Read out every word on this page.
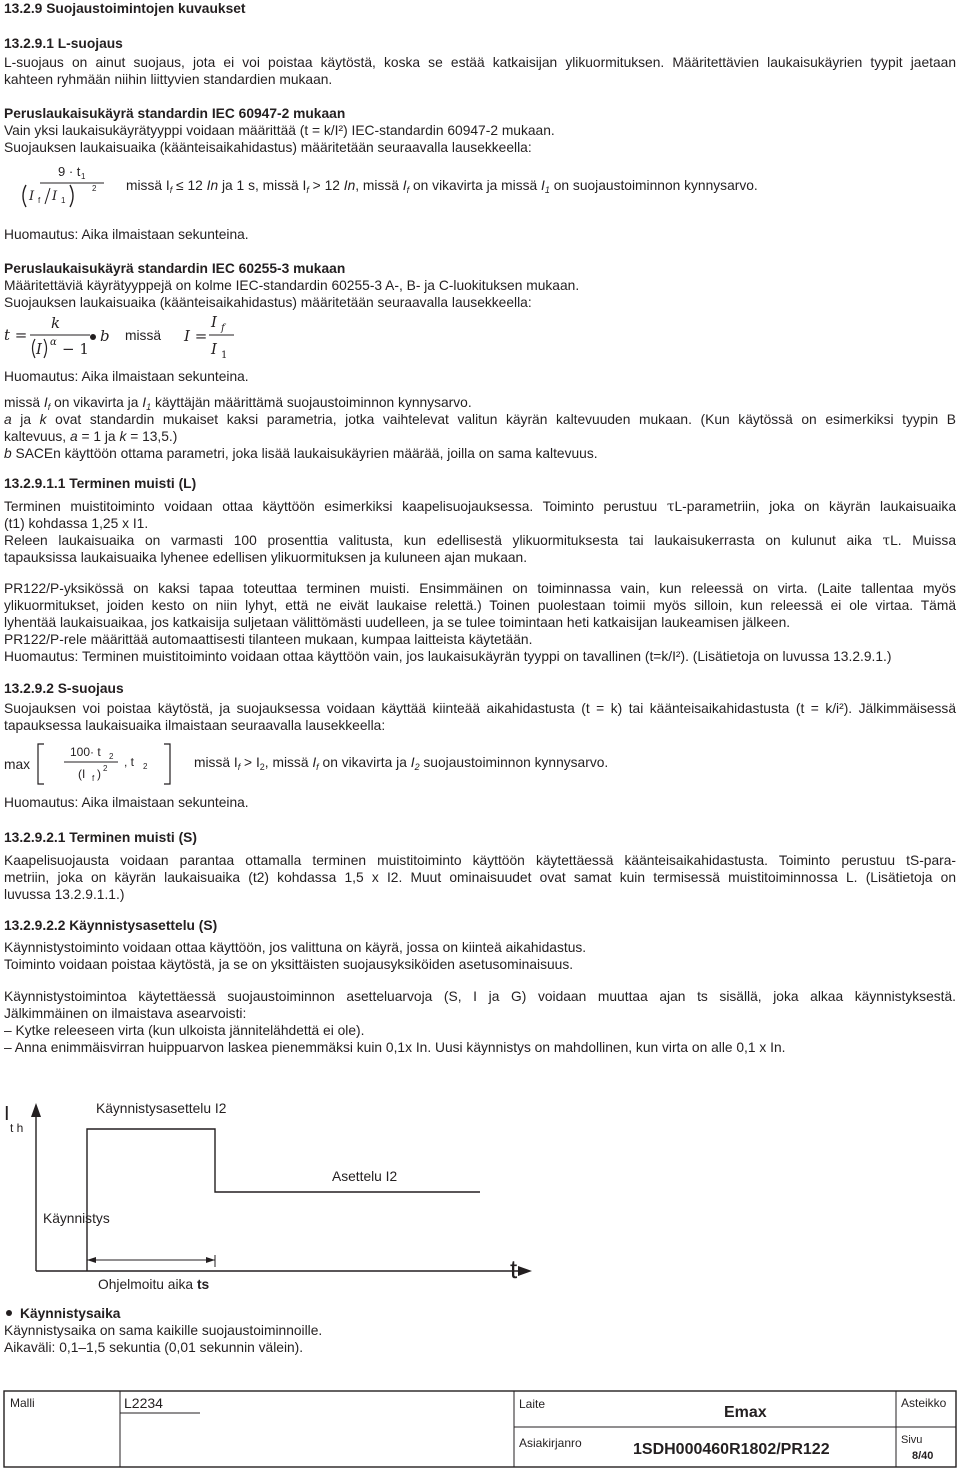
13.2.9 Suojaustoimintojen kuvaukset
13.2.9.1 L-suojaus
L-suojaus on ainut suojaus, jota ei voi poistaa käytöstä, koska se estää katkaisijan ylikuormituksen. Määritettävien laukaisukäyrien tyypit jaetaan
kahteen ryhmään niihin liittyvien standardien mukaan.
Peruslaukaisukäyrä standardin IEC 60947-2 mukaan
Vain yksi laukaisukäyrätyyppi voidaan määrittää (t = k/I²) IEC-standardin 60947-2 mukaan.
Suojauksen laukaisuaika (käänteisaikahidastus) määritetään seuraavalla lausekkeella:
9 · t 1
I f I 1
2 missä $I_f \le 12$ In ja 1 s, missä $I_f > 12$ In, missä $I_f$ on vikavirta ja missä $I_1$ on suojaustoiminnon kynnysarvo.
Huomautus: Aika ilmaistaan sekunteina.
Peruslaukaisukäyrä standardin IEC 60255-3 mukaan
Määritettäviä käyrätyyppejä on kolme IEC-standardin 60255-3 A-, B- ja C-luokituksen mukaan.
Suojauksen laukaisuaika (käänteisaikahidastus) määritetään seuraavalla lausekkeella:
t =
k
I α − 1
b missä I =
I f
I 1
Huomautus: Aika ilmaistaan sekunteina.
missä $I_f$ on vikavirta ja $I_1$ käyttäjän määrittämä suojaustoiminnon kynnysarvo.
a ja k ovat standardin mukaiset kaksi parametria, jotka vaihtelevat valitun käyrän kaltevuuden mukaan. (Kun käytössä on esimerkiksi tyypin B
kaltevuus, a = 1 ja k = 13,5.)
b SACEn käyttöön ottama parametri, joka lisää laukaisukäyrien määrää, joilla on sama kaltevuus.
13.2.9.1.1 Terminen muisti (L)
Terminen muistitoiminto voidaan ottaa käyttöön esimerkiksi kaapelisuojauksessa. Toiminto perustuu τL-parametriin, joka on käyrän laukaisuaika
(t1) kohdassa 1,25 x I1.
Releen laukaisuaika on varmasti 100 prosenttia valitusta, kun edellisestä ylikuormituksesta tai laukaisukerrasta on kulunut aika τL. Muissa
tapauksissa laukaisuaika lyhenee edellisen ylikuormituksen ja kuluneen ajan mukaan.
PR122/P-yksikössä on kaksi tapaa toteuttaa terminen muisti. Ensimmäinen on toiminnassa vain, kun releessä on virta. (Laite tallentaa myös
ylikuormitukset, joiden kesto on niin lyhyt, että ne eivät laukaise relettä.) Toinen puolestaan toimii myös silloin, kun releessä ei ole virtaa. Tämä
lyhentää laukaisuaikaa, jos katkaisija suljetaan välittömästi uudelleen, ja se tulee toimintaan heti katkaisijan laukeamisen jälkeen.
PR122/P-rele määrittää automaattisesti tilanteen mukaan, kumpaa laitteista käytetään.
Huomautus: Terminen muistitoiminto voidaan ottaa käyttöön vain, jos laukaisukäyrän tyyppi on tavallinen (t=k/I²). (Lisätietoja on luvussa 13.2.9.1.)
13.2.9.2 S-suojaus
Suojauksen voi poistaa käytöstä, ja suojauksessa voidaan käyttää kiinteää aikahidastusta (t = k) tai käänteisaikahidastusta (t = k/i²). Jälkimmäisessä
tapauksessa laukaisuaika ilmaistaan seuraavalla lausekkeella:
max
100· t 2
(I f ) 2 , t 2	missä $I_f > I_2$, missä $I_f$ on vikavirta ja $I_2$ suojaustoiminnon kynnysarvo.
Huomautus: Aika ilmaistaan sekunteina.
13.2.9.2.1 Terminen muisti (S)
Kaapelisuojausta voidaan parantaa ottamalla terminen muistitoiminto käyttöön käytettäessä käänteisaikahidastusta. Toiminto perustuu tS-para-
metriin, joka on käyrän laukaisuaika (t2) kohdassa 1,5 x I2. Muut ominaisuudet ovat samat kuin termisessä muistitoiminnossa L. (Lisätietoja on
luvussa 13.2.9.1.1.)
13.2.9.2.2 Käynnistysasettelu (S)
Käynnistystoiminto voidaan ottaa käyttöön, jos valittuna on käyrä, jossa on kiinteä aikahidastus.
Toiminto voidaan poistaa käytöstä, ja se on yksittäisten suojausyksiköiden asetusominaisuus.
Käynnistystoimintoa käytettäessä suojaustoiminnon asetteluarvoja (S, I ja G) voidaan muuttaa ajan ts sisällä, joka alkaa käynnistyksestä.
Jälkimmäinen on ilmaistava asearvoisti:
– Kytke releeseen virta (kun ulkoista jännitelähdettä ei ole).
– Anna enimmäisvirran huippuarvon laskea pienemmäksi kuin 0,1x In. Uusi käynnistys on mahdollinen, kun virta on alle 0,1 x In.
I
t h
t
Käynnistysasettelu I2
Asettelu I2
Käynnistys
Ohjelmoitu aika ts
Käynnistysaika
Käynnistysaika on sama kaikille suojaustoiminnoille.
Aikaväli: 0,1–1,5 sekuntia (0,01 sekunnin välein).
Malli	L2234	Laite	Emax
Asteikko
Asiakirjanro	1SDH000460R1802/PR122
Sivu
8/40
